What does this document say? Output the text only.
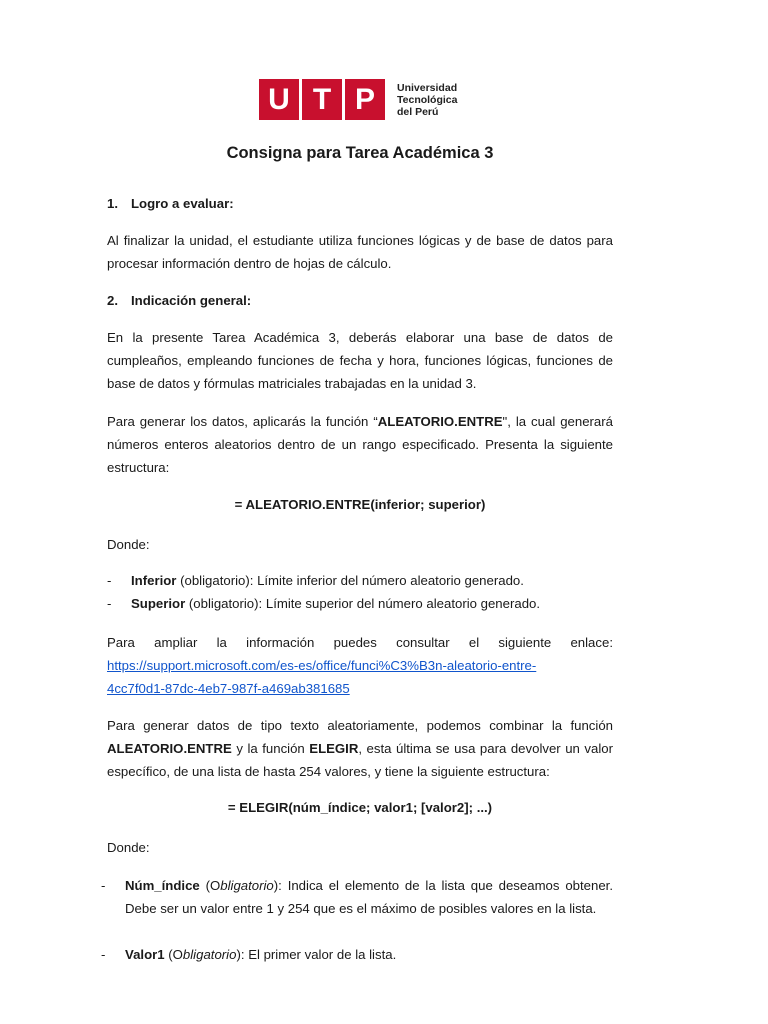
U T P	Universidad
Tecnológica
del Perú
Consigna para Tarea Académica 3
1. Logro a evaluar:
Al finalizar la unidad, el estudiante utiliza funciones lógicas y de base de datos para procesar información dentro de hojas de cálculo.
2. Indicación general:
En la presente Tarea Académica 3, deberás elaborar una base de datos de cumpleaños, empleando funciones de fecha y hora, funciones lógicas, funciones de base de datos y fórmulas matriciales trabajadas en la unidad 3.
Para generar los datos, aplicarás la función “ALEATORIO.ENTRE", la cual generará números enteros aleatorios dentro de un rango especificado. Presenta la siguiente estructura:
= ALEATORIO.ENTRE(inferior; superior)
Donde:
- Inferior (obligatorio): Límite inferior del número aleatorio generado.
- Superior (obligatorio): Límite superior del número aleatorio generado.
Para ampliar la información puedes consultar el siguiente enlace:
https://support.microsoft.com/es-es/office/funci%C3%B3n-aleatorio-entre-
4cc7f0d1-87dc-4eb7-987f-a469ab381685
Para generar datos de tipo texto aleatoriamente, podemos combinar la función ALEATORIO.ENTRE y la función ELEGIR, esta última se usa para devolver un valor específico, de una lista de hasta 254 valores, y tiene la siguiente estructura:
= ELEGIR(núm_índice; valor1; [valor2]; ...)
Donde:
- Núm_índice (Obligatorio): Indica el elemento de la lista que deseamos obtener. Debe ser un valor entre 1 y 254 que es el máximo de posibles valores en la lista.
- Valor1 (Obligatorio): El primer valor de la lista.
